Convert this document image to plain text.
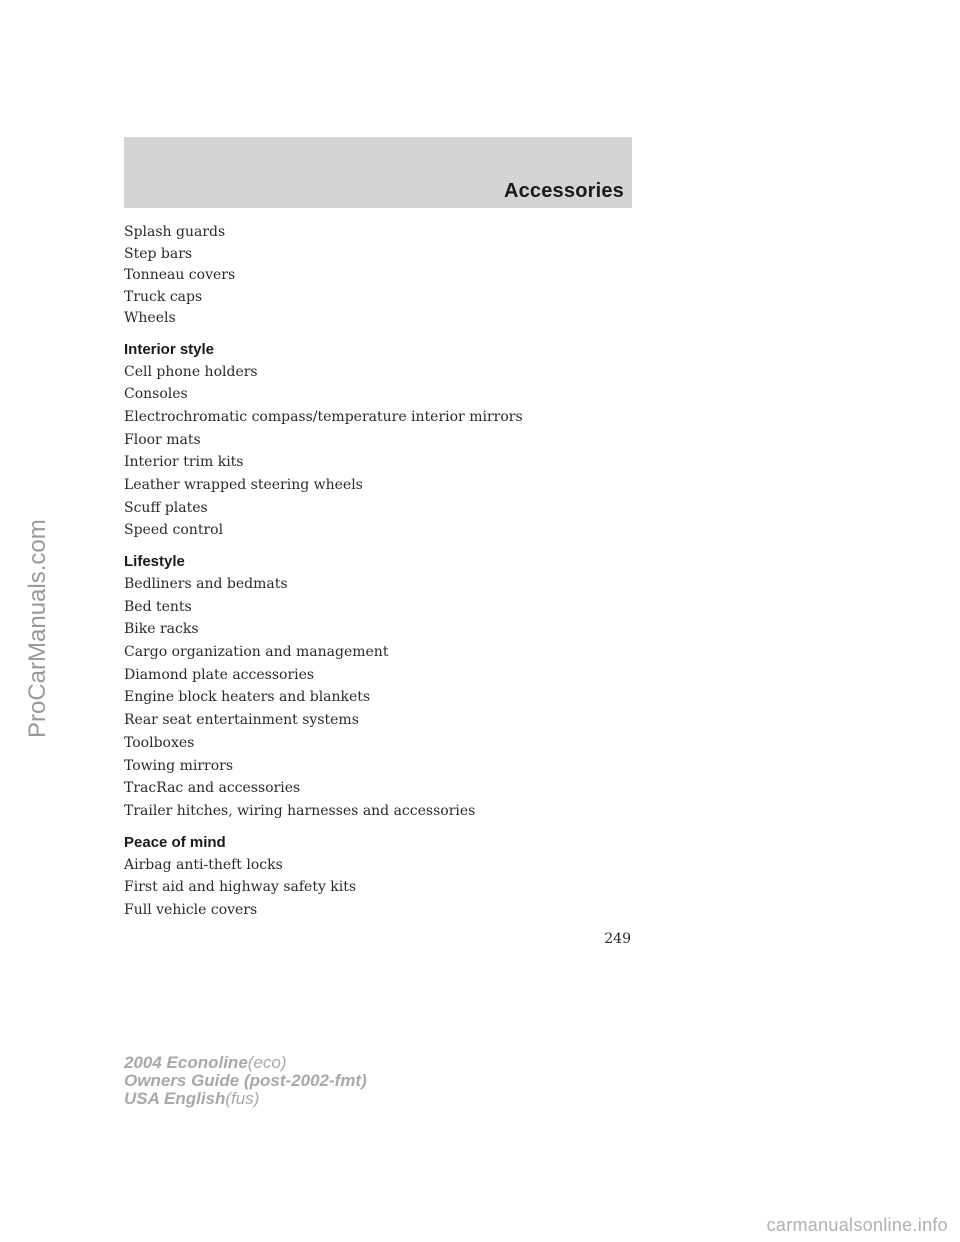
Accessories

Splash guards

Step bars

Tonneau covers

Truck caps

Wheels

Interior style

Cell phone holders

Consoles

Electrochromatic compass/temperature interior mirrors

Floor mats

Interior trim kits

Leather wrapped steering wheels

Scuff plates

Speed control

Lifestyle

Bedliners and bedmats

Bed tents

Bike racks

Cargo organization and management

Diamond plate accessories

Engine block heaters and blankets

Rear seat entertainment systems

Toolboxes

Towing mirrors

TracRac and accessories

Trailer hitches, wiring harnesses and accessories

Peace of mind

Airbag anti-theft locks

First aid and highway safety kits

Full vehicle covers

249
2004 Econoline(eco)
Owners Guide (post-2002-fmt)
USA English(fus)
ProCarManuals.com
carmanualsonline.info
